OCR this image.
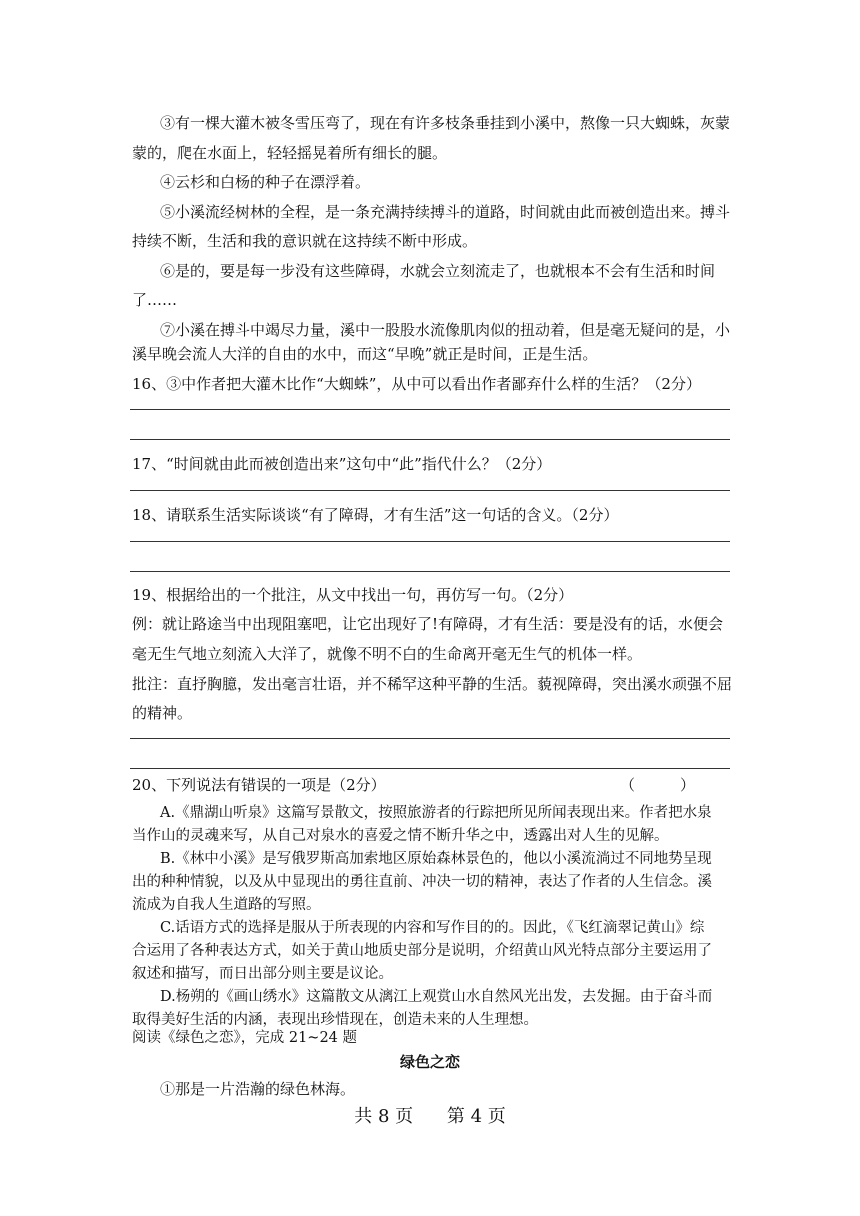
③有一棵大灌木被冬雪压弯了，现在有许多枝条垂挂到小溪中，熬像一只大蜘蛛，灰蒙
蒙的，爬在水面上，轻轻摇晃着所有细长的腿。
④云杉和白杨的种子在漂浮着。
⑤小溪流经树林的全程，是一条充满持续搏斗的道路，时间就由此而被创造出来。搏斗
持续不断，生活和我的意识就在这持续不断中形成。
⑥是的，要是每一步没有这些障碍，水就会立刻流走了，也就根本不会有生活和时间
了……
⑦小溪在搏斗中竭尽力量，溪中一股股水流像肌肉似的扭动着，但是毫无疑问的是，小
溪早晚会流人大洋的自由的水中，而这“早晚”就正是时间，正是生活。
16、③中作者把大灌木比作“大蜘蛛”，从中可以看出作者鄙弃什么样的生活？（2分）
17、“时间就由此而被创造出来”这句中“此”指代什么？（2分）
18、请联系生活实际谈谈“有了障碍，才有生活”这一句话的含义。（2分）
19、根据给出的一个批注，从文中找出一句，再仿写一句。（2分）
例：就让路途当中出现阻塞吧，让它出现好了!有障碍，才有生活：要是没有的话，水便会
毫无生气地立刻流入大洋了，就像不明不白的生命离开毫无生气的机体一样。
批注：直抒胸臆，发出毫言壮语，并不稀罕这种平静的生活。藐视障碍，突出溪水顽强不屈
的精神。
20、下列说法有错误的一项是（2分）	（　　　）
A.《鼎湖山听泉》这篇写景散文，按照旅游者的行踪把所见所闻表现出来。作者把水泉
当作山的灵魂来写，从自己对泉水的喜爱之情不断升华之中，透露出对人生的见解。
B.《林中小溪》是写俄罗斯高加索地区原始森林景色的，他以小溪流淌过不同地势呈现
出的种种情貌，以及从中显现出的勇往直前、冲决一切的精神，表达了作者的人生信念。溪
流成为自我人生道路的写照。
C.话语方式的选择是服从于所表现的内容和写作目的的。因此，《飞红滴翠记黄山》综
合运用了各种表达方式，如关于黄山地质史部分是说明，介绍黄山风光特点部分主要运用了
叙述和描写，而日出部分则主要是议论。
D.杨朔的《画山绣水》这篇散文从漓江上观赏山水自然风光出发，去发掘。由于奋斗而
取得美好生活的内涵，表现出珍惜现在，创造未来的人生理想。
阅读《绿色之恋》，完成 21~24 题
绿色之恋
①那是一片浩瀚的绿色林海。
共 8 页 第 4 页
